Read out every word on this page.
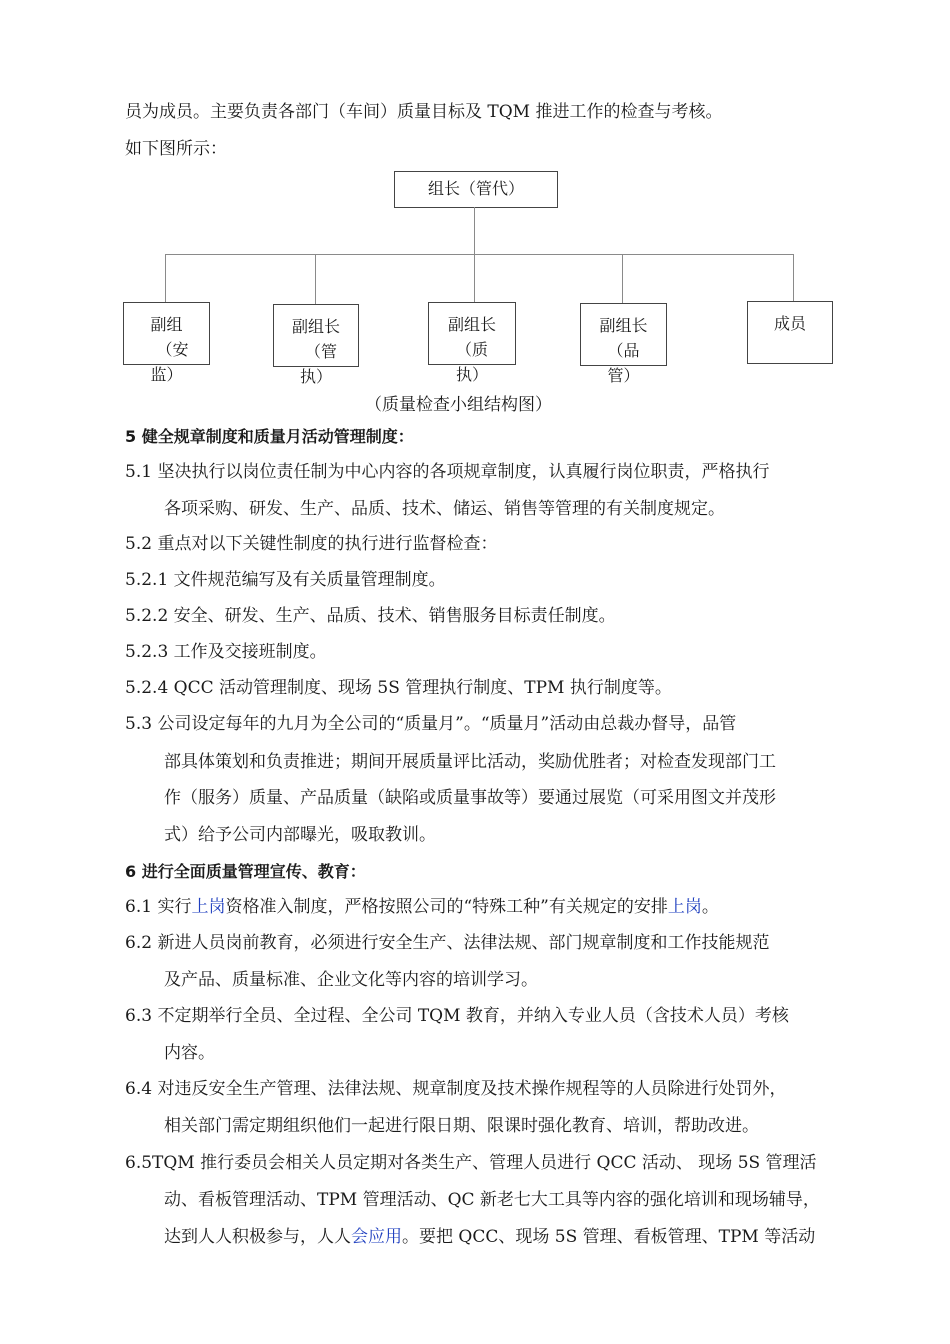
员为成员。主要负责各部门（车间）质量目标及 TQM 推进工作的检查与考核。
如下图所示：
组长（管代）
副组
（安
监）
副组长
（管
执）
副组长
（质
执）
副组长
（品
管）
成员
（质量检查小组结构图）
5 健全规章制度和质量月活动管理制度：
5.1 坚决执行以岗位责任制为中心内容的各项规章制度，认真履行岗位职责，严格执行
各项采购、研发、生产、品质、技术、储运、销售等管理的有关制度规定。
5.2 重点对以下关键性制度的执行进行监督检查：
5.2.1 文件规范编写及有关质量管理制度。
5.2.2 安全、研发、生产、品质、技术、销售服务目标责任制度。
5.2.3 工作及交接班制度。
5.2.4 QCC 活动管理制度、现场 5S 管理执行制度、TPM 执行制度等。
5.3 公司设定每年的九月为全公司的“质量月”。“质量月”活动由总裁办督导，品管
部具体策划和负责推进；期间开展质量评比活动，奖励优胜者；对检查发现部门工
作（服务）质量、产品质量（缺陷或质量事故等）要通过展览（可采用图文并茂形
式）给予公司内部曝光，吸取教训。
6 进行全面质量管理宣传、教育：
6.1 实行上岗资格准入制度，严格按照公司的“特殊工种”有关规定的安排上岗。
6.2 新进人员岗前教育，必须进行安全生产、法律法规、部门规章制度和工作技能规范
及产品、质量标准、企业文化等内容的培训学习。
6.3 不定期举行全员、全过程、全公司 TQM 教育，并纳入专业人员（含技术人员）考核
内容。
6.4 对违反安全生产管理、法律法规、规章制度及技术操作规程等的人员除进行处罚外，
相关部门需定期组织他们一起进行限日期、限课时强化教育、培训，帮助改进。
6.5TQM 推行委员会相关人员定期对各类生产、管理人员进行 QCC 活动、 现场 5S 管理活
动、看板管理活动、TPM 管理活动、QC 新老七大工具等内容的强化培训和现场辅导，
达到人人积极参与，人人会应用。要把 QCC、现场 5S 管理、看板管理、TPM 等活动
